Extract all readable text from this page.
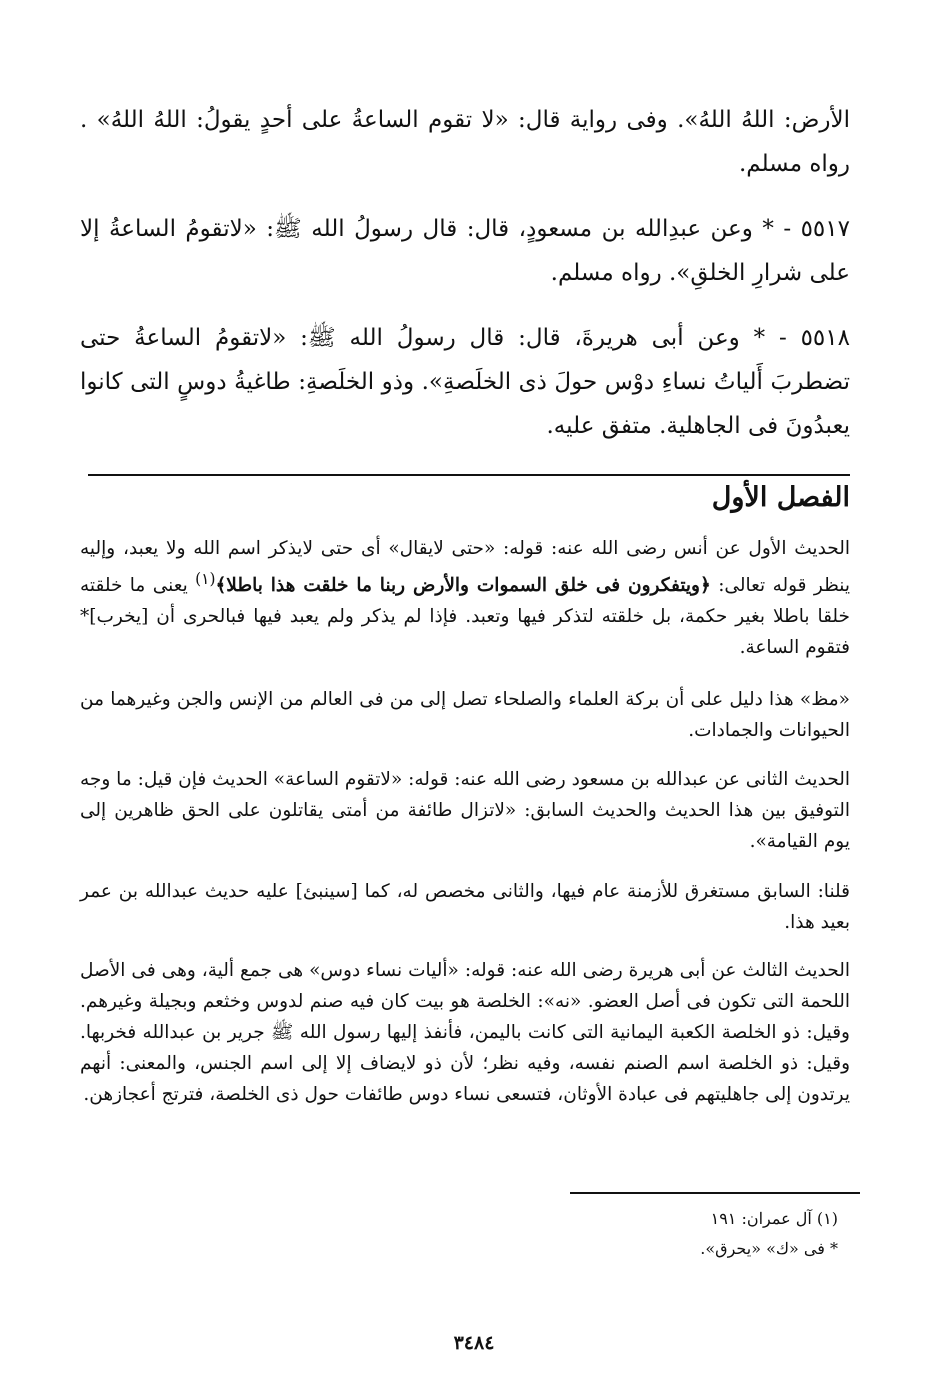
الأرض: اللهُ اللهُ». وفى رواية قال: «لا تقوم الساعةُ على أحدٍ يقولُ: اللهُ اللهُ» . رواه مسلم.

٥٥١٧ - * وعن عبدِالله بن مسعودٍ، قال: قال رسولُ الله ﷺ: «لاتقومُ الساعةُ إلا على شرارِ الخلقِ». رواه مسلم.

٥٥١٨ - * وعن أبى هريرةَ، قال: قال رسولُ الله ﷺ: «لاتقومُ الساعةُ حتى تضطربَ أَلياتُ نساءِ دوْس حولَ ذى الخلَصةِ». وذو الخلَصةِ: طاغيةُ دوسٍ التى كانوا يعبدُونَ فى الجاهلية. متفق عليه.

الفصل الأول

الحديث الأول عن أنس رضى الله عنه: قوله: «حتى لايقال» أى حتى لايذكر اسم الله ولا يعبد، وإليه ينظر قوله تعالى: ﴿ويتفكرون فى خلق السموات والأرض ربنا ما خلقت هذا باطلا﴾$^{(١)}$ يعنى ما خلقته خلقا باطلا بغير حكمة، بل خلقته لتذكر فيها وتعبد. فإذا لم يذكر ولم يعبد فيها فبالحرى أن [يخرب]* فتقوم الساعة.

«مظ» هذا دليل على أن بركة العلماء والصلحاء تصل إلى من فى العالم من الإنس والجن وغيرهما من الحيوانات والجمادات.

الحديث الثانى عن عبدالله بن مسعود رضى الله عنه: قوله: «لاتقوم الساعة» الحديث فإن قيل: ما وجه التوفيق بين هذا الحديث والحديث السابق: «لاتزال طائفة من أمتى يقاتلون على الحق ظاهرين إلى يوم القيامة».

قلنا: السابق مستغرق للأزمنة عام فيها، والثانى مخصص له، كما [سينبئ] عليه حديث عبدالله بن عمر بعيد هذا.

الحديث الثالث عن أبى هريرة رضى الله عنه: قوله: «أليات نساء دوس» هى جمع ألية، وهى فى الأصل اللحمة التى تكون فى أصل العضو. «نه»: الخلصة هو بيت كان فيه صنم لدوس وخثعم وبجيلة وغيرهم. وقيل: ذو الخلصة الكعبة اليمانية التى كانت باليمن، فأنفذ إليها رسول الله ﷺ جرير بن عبدالله فخربها. وقيل: ذو الخلصة اسم الصنم نفسه، وفيه نظر؛ لأن ذو لايضاف إلا إلى اسم الجنس، والمعنى: أنهم يرتدون إلى جاهليتهم فى عبادة الأوثان، فتسعى نساء دوس طائفات حول ذى الخلصة، فترتج أعجازهن.

(١) آل عمران: ١٩١
* فى «ك» «يحرق».
٣٤٨٤
